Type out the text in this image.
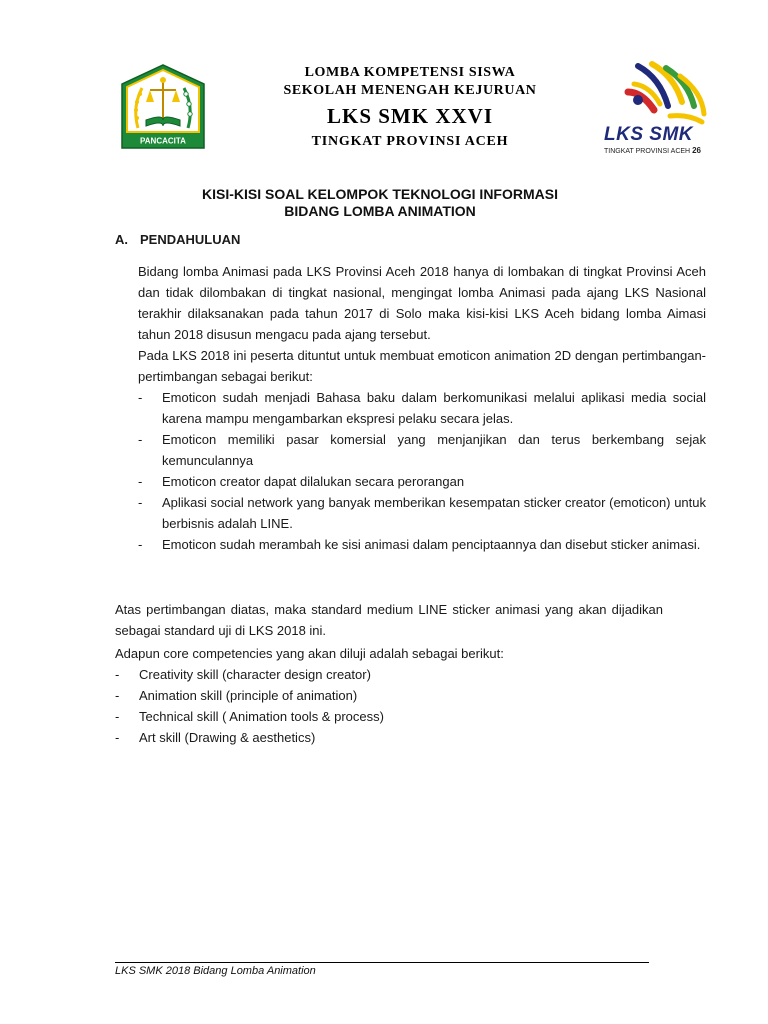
PANCACITA
LOMBA KOMPETENSI SISWA
SEKOLAH MENENGAH KEJURUAN
LKS SMK XXVI
TINGKAT PROVINSI ACEH	LKS SMK
TINGKAT PROVINSI ACEH 26
KISI-KISI SOAL KELOMPOK TEKNOLOGI INFORMASI
BIDANG LOMBA ANIMATION
A. PENDAHULUAN
Bidang lomba Animasi pada LKS Provinsi Aceh 2018 hanya di lombakan di tingkat Provinsi Aceh dan tidak dilombakan di tingkat nasional, mengingat lomba Animasi pada ajang LKS Nasional terakhir dilaksanakan pada tahun 2017 di Solo maka kisi-kisi LKS Aceh bidang lomba Aimasi tahun 2018 disusun mengacu pada ajang tersebut.
Pada LKS 2018 ini peserta dituntut untuk membuat emoticon animation 2D dengan pertimbangan-pertimbangan sebagai berikut:
- Emoticon sudah menjadi Bahasa baku dalam berkomunikasi melalui aplikasi media social karena mampu mengambarkan ekspresi pelaku secara jelas.
- Emoticon memiliki pasar komersial yang menjanjikan dan terus berkembang sejak kemunculannya
- Emoticon creator dapat dilalukan secara perorangan
- Aplikasi social network yang banyak memberikan kesempatan sticker creator (emoticon) untuk berbisnis adalah LINE.
- Emoticon sudah merambah ke sisi animasi dalam penciptaannya dan disebut sticker animasi.
Atas pertimbangan diatas, maka standard medium LINE sticker animasi yang akan dijadikan sebagai standard uji di LKS 2018 ini.
Adapun core competencies yang akan diluji adalah sebagai berikut:
- Creativity skill (character design creator)
- Animation skill (principle of animation)
- Technical skill ( Animation tools & process)
- Art skill (Drawing & aesthetics)
LKS SMK 2018 Bidang Lomba Animation
